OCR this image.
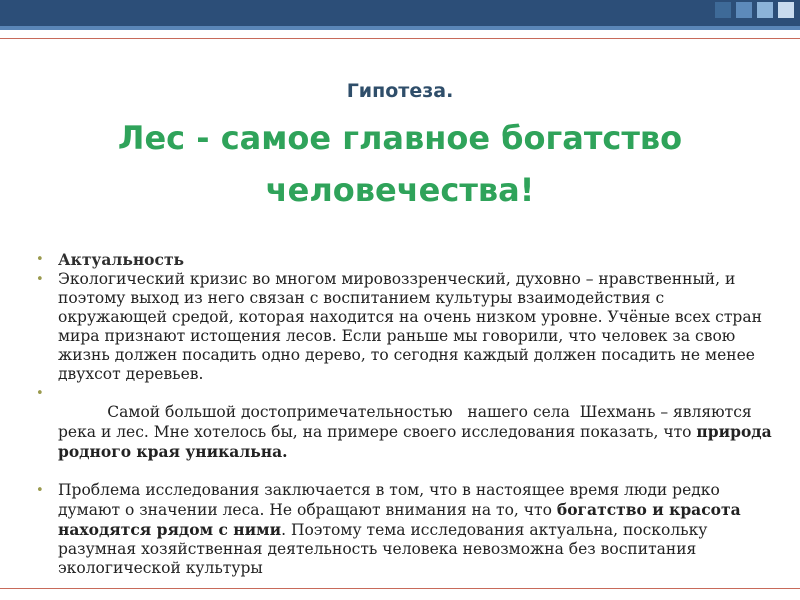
Гипотеза.
Лес - самое главное богатство
человечества!

• Актуальность

• Экологический кризис во многом мировоззренческий, духовно – нравственный, и поэтому выход из него связан с воспитанием культуры взаимодействия с окружающей средой, которая находится на очень низком уровне. Учёные всех стран мира признают истощения лесов. Если раньше мы говорили, что человек за свою жизнь должен посадить одно дерево, то сегодня каждый должен посадить не менее двухсот деревьев.

•
Самой большой достопримечательностью   нашего села  Шехмань – являются река и лес. Мне хотелось бы, на примере своего исследования показать, что природа родного края уникальна.

• Проблема исследования заключается в том, что в настоящее время люди редко думают о значении леса. Не обращают внимания на то, что богатство и красота находятся рядом с ними. Поэтому тема исследования актуальна, поскольку разумная хозяйственная деятельность человека невозможна без воспитания экологической культуры
